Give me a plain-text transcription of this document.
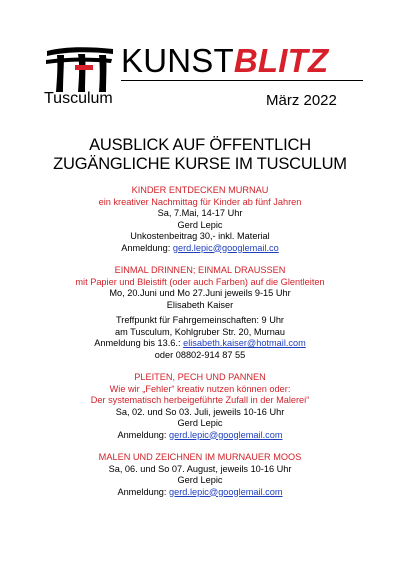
KUNSTBLITZ
Tusculum	März 2022
AUSBLICK AUF ÖFFENTLICH
ZUGÄNGLICHE KURSE IM TUSCULUM
KINDER ENTDECKEN MURNAU
ein kreativer Nachmittag für Kinder ab fünf Jahren
Sa, 7.Mai, 14-17 Uhr
Gerd Lepic
Unkostenbeitrag 30,- inkl. Material
Anmeldung: gerd.lepic@googlemail.co
EINMAL DRINNEN; EINMAL DRAUSSEN
mit Papier und Bleistift (oder auch Farben) auf die Glentleiten
Mo, 20.Juni und Mo 27.Juni jeweils 9-15 Uhr
Elisabeth Kaiser
Treffpunkt für Fahrgemeinschaften: 9 Uhr
am Tusculum, Kohlgruber Str. 20, Murnau
Anmeldung bis 13.6.: elisabeth.kaiser@hotmail.com
oder 08802-914 87 55
PLEITEN, PECH UND PANNEN
Wie wir „Fehler“ kreativ nutzen können oder:
Der systematisch herbeigeführte Zufall in der Malerei“
Sa, 02. und So 03. Juli, jeweils 10-16 Uhr
Gerd Lepic
Anmeldung: gerd.lepic@googlemail.com
MALEN UND ZEICHNEN IM MURNAUER MOOS
Sa, 06. und So 07. August, jeweils 10-16 Uhr
Gerd Lepic
Anmeldung: gerd.lepic@googlemail.com
